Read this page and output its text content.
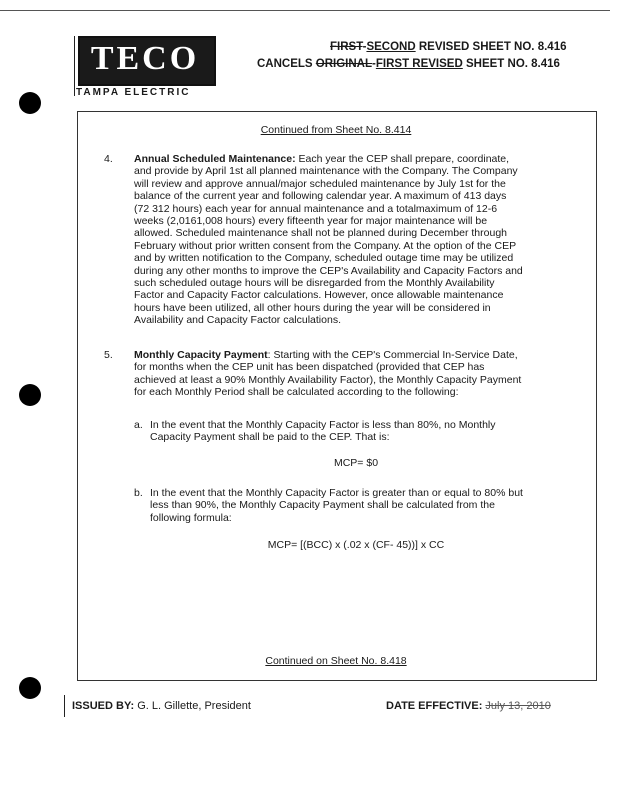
TECO
TAMPA ELECTRIC
FIRST-SECOND REVISED SHEET NO. 8.416
CANCELS ORIGINAL-FIRST REVISED SHEET NO. 8.416
Continued from Sheet No. 8.414
4. Annual Scheduled Maintenance: Each year the CEP shall prepare, coordinate,
and provide by April 1st all planned maintenance with the Company. The Company
will review and approve annual/major scheduled maintenance by July 1st for the
balance of the current year and following calendar year. A maximum of 413 days
(72 312 hours) each year for annual maintenance and a totalmaximum of 12-6
weeks (2,0161,008 hours) every fifteenth year for major maintenance will be
allowed. Scheduled maintenance shall not be planned during December through
February without prior written consent from the Company. At the option of the CEP
and by written notification to the Company, scheduled outage time may be utilized
during any other months to improve the CEP's Availability and Capacity Factors and
such scheduled outage hours will be disregarded from the Monthly Availability
Factor and Capacity Factor calculations. However, once allowable maintenance
hours have been utilized, all other hours during the year will be considered in
Availability and Capacity Factor calculations.
5. Monthly Capacity Payment: Starting with the CEP's Commercial In-Service Date,
for months when the CEP unit has been dispatched (provided that CEP has
achieved at least a 90% Monthly Availability Factor), the Monthly Capacity Payment
for each Monthly Period shall be calculated according to the following:
a. In the event that the Monthly Capacity Factor is less than 80%, no Monthly
Capacity Payment shall be paid to the CEP. That is:
MCP= $0
b. In the event that the Monthly Capacity Factor is greater than or equal to 80% but
less than 90%, the Monthly Capacity Payment shall be calculated from the
following formula:
MCP= [(BCC) x (.02 x (CF- 45))] x CC
Continued on Sheet No. 8.418
ISSUED BY: G. L. Gillette, President	DATE EFFECTIVE: July 13, 2010
